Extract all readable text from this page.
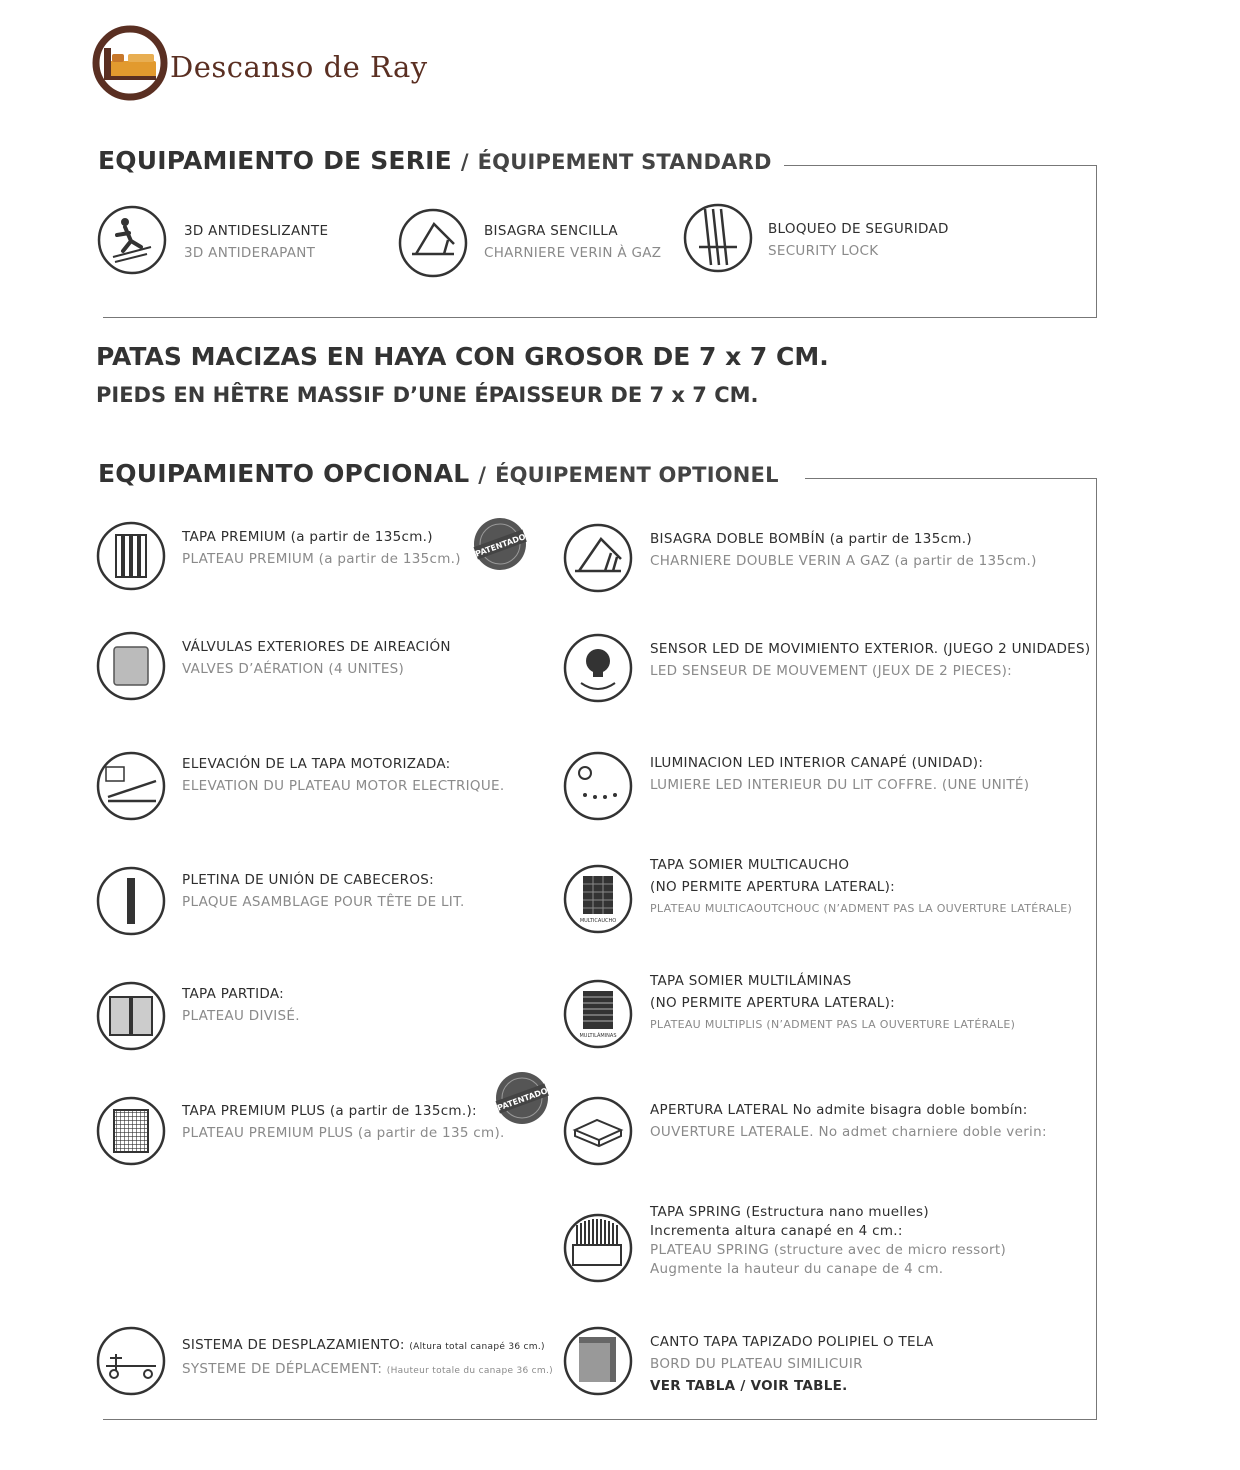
Descanso de Ray
EQUIPAMIENTO DE SERIE / ÉQUIPEMENT STANDARD
3D ANTIDESLIZANTE
3D ANTIDERAPANT
BISAGRA SENCILLA
CHARNIERE VERIN À GAZ
BLOQUEO DE SEGURIDAD
SECURITY LOCK
PATAS MACIZAS EN HAYA CON GROSOR DE 7 x 7 CM.
PIEDS EN HÊTRE MASSIF D’UNE ÉPAISSEUR DE 7 x 7 CM.
EQUIPAMIENTO OPCIONAL / ÉQUIPEMENT OPTIONEL
TAPA PREMIUM (a partir de 135cm.)
PLATEAU PREMIUM (a partir de 135cm.)
PATENTADO
VÁLVULAS EXTERIORES DE AIREACIÓN
VALVES D’AÉRATION (4 UNITES)
ELEVACIÓN DE LA TAPA MOTORIZADA:
ELEVATION DU PLATEAU MOTOR ELECTRIQUE.
PLETINA DE UNIÓN DE CABECEROS:
PLAQUE ASAMBLAGE POUR TÊTE DE LIT.
TAPA PARTIDA:
PLATEAU DIVISÉ.
TAPA PREMIUM PLUS (a partir de 135cm.):
PLATEAU PREMIUM PLUS (a partir de 135 cm).
PATENTADO
SISTEMA DE DESPLAZAMIENTO: (Altura total canapé 36 cm.)
SYSTEME DE DÉPLACEMENT: (Hauteur totale du canape 36 cm.)
BISAGRA DOBLE BOMBÍN (a partir de 135cm.)
CHARNIERE DOUBLE VERIN A GAZ (a partir de 135cm.)
SENSOR LED DE MOVIMIENTO EXTERIOR. (JUEGO 2 UNIDADES)
LED SENSEUR DE MOUVEMENT (JEUX DE 2 PIECES):
ILUMINACION LED INTERIOR CANAPÉ (UNIDAD):
LUMIERE LED INTERIEUR DU LIT COFFRE. (UNE UNITÉ)
MULTICAUCHO
TAPA SOMIER MULTICAUCHO
(NO PERMITE APERTURA LATERAL):
PLATEAU MULTICAOUTCHOUC (N’ADMENT PAS LA OUVERTURE LATÉRALE)
MULTILÁMINAS
TAPA SOMIER MULTILÁMINAS
(NO PERMITE APERTURA LATERAL):
PLATEAU MULTIPLIS (N’ADMENT PAS LA OUVERTURE LATÉRALE)
APERTURA LATERAL No admite bisagra doble bombín:
OUVERTURE LATERALE. No admet charniere doble verin:
TAPA SPRING (Estructura nano muelles)
Incrementa altura canapé en 4 cm.:
PLATEAU SPRING (structure avec de micro ressort)
Augmente la hauteur du canape de 4 cm.
CANTO TAPA TAPIZADO POLIPIEL O TELA
BORD DU PLATEAU SIMILICUIR
VER TABLA / VOIR TABLE.
